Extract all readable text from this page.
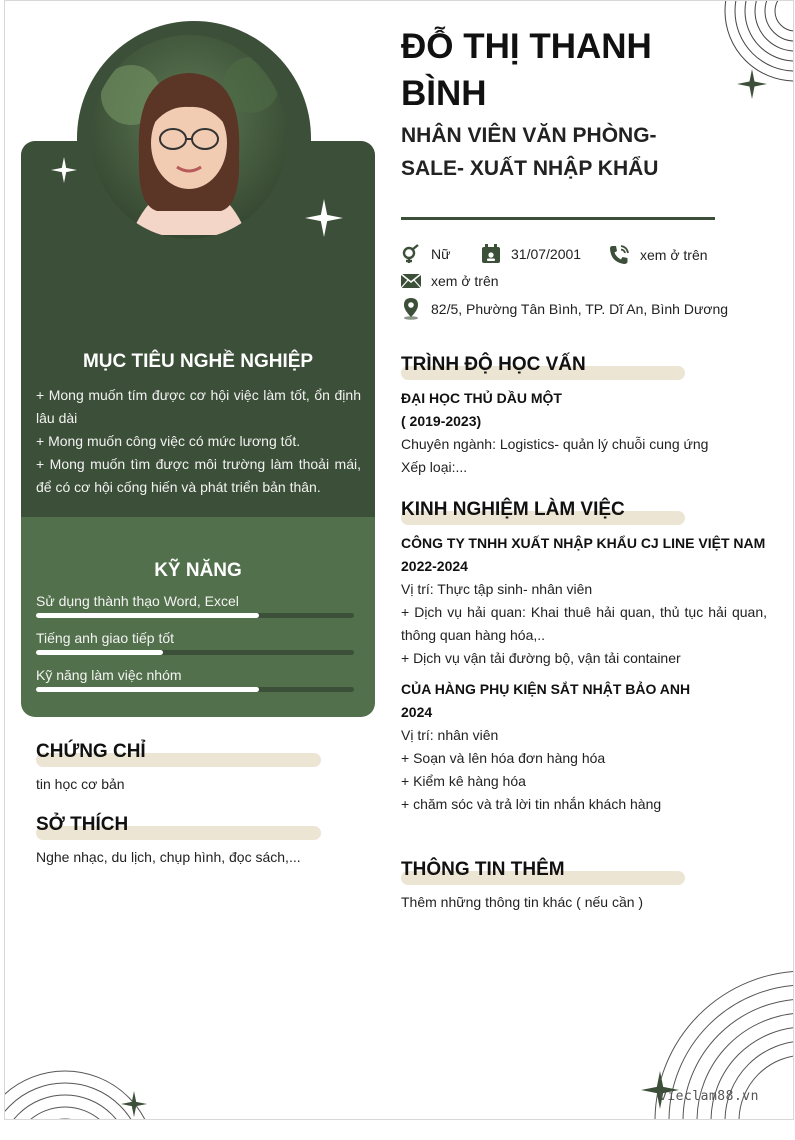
MỤC TIÊU NGHỀ NGHIỆP
+ Mong muốn tím được cơ hội việc làm tốt, ổn định lâu dài
+ Mong muốn công việc có mức lương tốt.
+ Mong muốn tìm được môi trường làm thoải mái, để có cơ hội cống hiến và phát triển bản thân.
KỸ NĂNG
Sử dụng thành thạo Word, Excel
Tiếng anh giao tiếp tốt
Kỹ năng làm việc nhóm
CHỨNG CHỈ
tin học cơ bản
SỞ THÍCH
Nghe nhạc, du lịch, chụp hình, đọc sách,...
ĐỖ THỊ THANH BÌNH
NHÂN VIÊN VĂN PHÒNG- SALE- XUẤT NHẬP KHẨU
Nữ	31/07/2001	xem ở trên
xem ở trên
82/5, Phường Tân Bình, TP. Dĩ An, Bình Dương
TRÌNH ĐỘ HỌC VẤN
ĐẠI HỌC THỦ DẦU MỘT
( 2019-2023)
Chuyên ngành: Logistics- quản lý chuỗi cung ứng
Xếp loại:...
KINH NGHIỆM LÀM VIỆC
CÔNG TY TNHH XUẤT NHẬP KHẨU CJ LINE VIỆT NAM
2022-2024
Vị trí: Thực tập sinh- nhân viên
+ Dịch vụ hải quan: Khai thuê hải quan, thủ tục hải quan, thông quan hàng hóa,..
+ Dịch vụ vận tải đường bộ, vận tải container
CỦA HÀNG PHỤ KIỆN SẮT NHẬT BẢO ANH
2024
Vị trí: nhân viên
+ Soạn và lên hóa đơn hàng hóa
+ Kiểm kê hàng hóa
+ chăm sóc và trả lời tin nhắn khách hàng
THÔNG TIN THÊM
Thêm những thông tin khác ( nếu cần )
vieclam88.vn
